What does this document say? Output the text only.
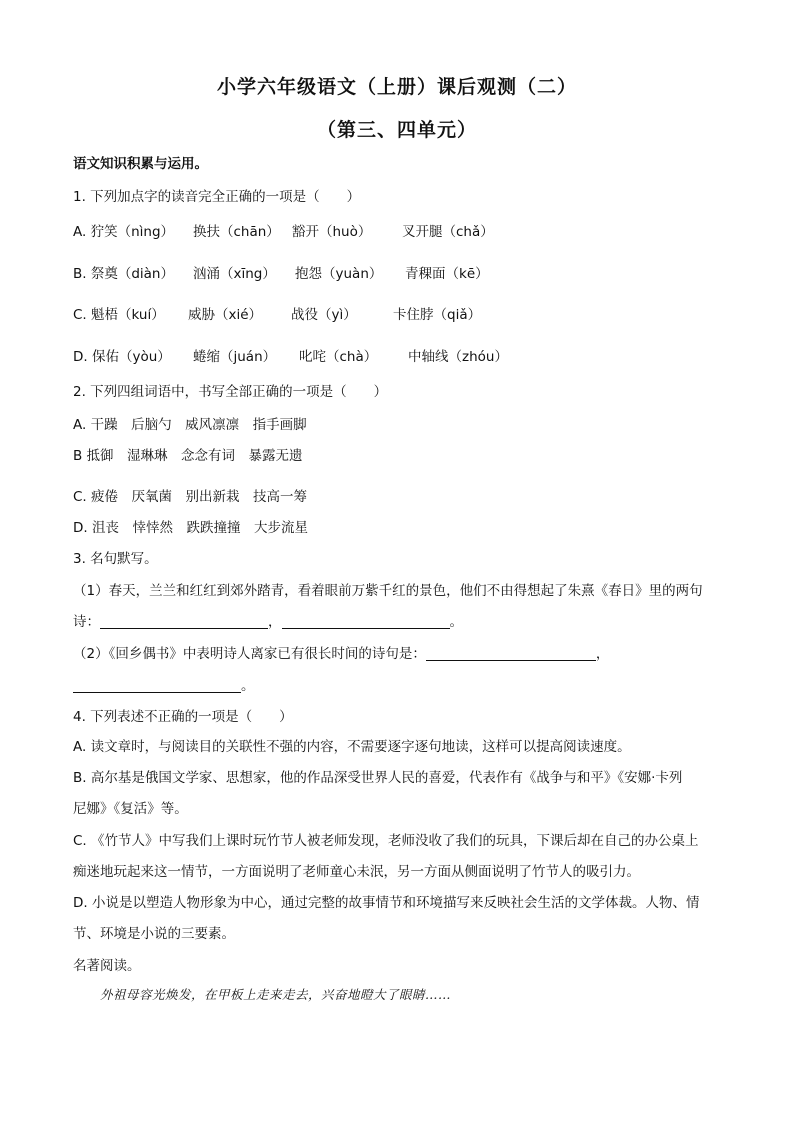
小学六年级语文（上册）课后观测（二）
（第三、四单元）
语文知识积累与运用。
1. 下列加点字的读音完全正确的一项是（　　）
A. 狞笑（nìng） 换扶（chān） 豁开（huò） 叉开腿（chǎ）
B. 祭奠（diàn） 汹涌（xīng） 抱怨（yuàn） 青稞面（kē）
C. 魁梧（kuí） 威胁（xié） 战役（yì）	卡住脖（qiǎ）
D. 保佑（yòu） 蜷缩（juán） 叱咤（chà） 中轴线（zhóu）
2. 下列四组词语中，书写全部正确的一项是（　　）
A. 干躁　后脑勺　威风凛凛　指手画脚
B 抵御　湿琳琳　念念有词　暴露无遗
C. 疲倦　厌氧菌　别出新栽　技高一筹
D. 沮丧　悻悻然　跌跌撞撞　大步流星
3. 名句默写。
（1）春天，兰兰和红红到郊外踏青，看着眼前万紫千红的景色，他们不由得想起了朱熹《春日》里的两句
诗：	，	。
（2）《回乡偶书》中表明诗人离家已有很长时间的诗句是：	，
。
4. 下列表述不正确的一项是（　　）
A. 读文章时，与阅读目的关联性不强的内容，不需要逐字逐句地读，这样可以提高阅读速度。
B. 高尔基是俄国文学家、思想家，他的作品深受世界人民的喜爱，代表作有《战争与和平》《安娜·卡列
尼娜》《复活》等。
C. 《竹节人》中写我们上课时玩竹节人被老师发现，老师没收了我们的玩具，下课后却在自己的办公桌上
痴迷地玩起来这一情节，一方面说明了老师童心未泯，另一方面从侧面说明了竹节人的吸引力。
D. 小说是以塑造人物形象为中心，通过完整的故事情节和环境描写来反映社会生活的文学体裁。人物、情
节、环境是小说的三要素。
名著阅读。
外祖母容光焕发，在甲板上走来走去，兴奋地瞪大了眼睛……
